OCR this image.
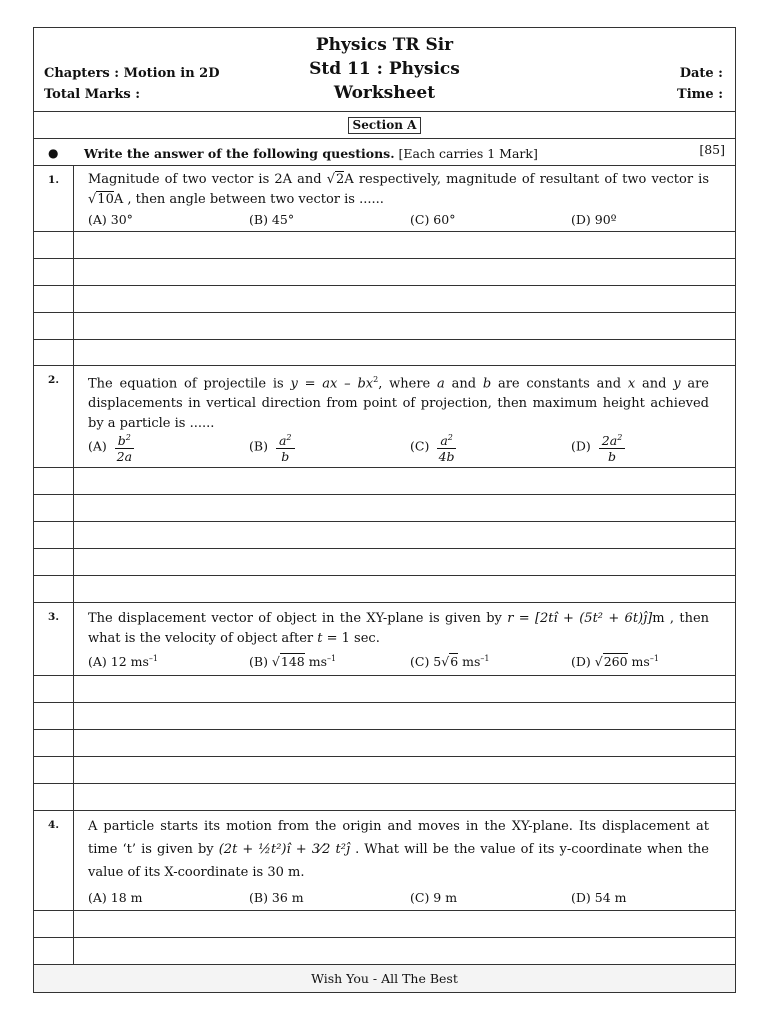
Physics TR Sir
Std 11 : Physics
Worksheet
Chapters : Motion in 2D
Total Marks :
Date :
Time :
Section A
● Write the answer of the following questions. [Each carries 1 Mark]	[85]
1.	Magnitude of two vector is 2A and √2A respectively, magnitude of resultant of two vector is √10A , then angle between two vector is ......
(A) 30°	(B) 45°	(C) 60°	(D) 90º
2.	The equation of projectile is y = ax – $bx^2$, where a and b are constants and x and y are displacements in vertical direction from point of projection, then maximum height achieved by a particle is ......
$(A) \frac{b^2}{2a}$	$(B) \frac{a^2}{b}$	$(C) \frac{a^2}{4b}$	$(D) \frac{2a^2}{b}$
3.	The displacement vector of object in the XY-plane is given by r = [2tî + (5t² + 6t)ĵ]m , then what is the velocity of object after t = 1 sec.
(A) 12 $ms^{-1}$	(B) √148 $ms^{-1}$	(C) 5√6 $ms^{-1}$	(D) √260 $ms^{-1}$
4.	A particle starts its motion from the origin and moves in the XY-plane. Its displacement at time ‘t’ is given by (2t + ½t²)î + 3⁄2 t²ĵ . What will be the value of its y-coordinate when the value of its X-coordinate is 30 m.
(A) 18 m	(B) 36 m	(C) 9 m	(D) 54 m
Wish You - All The Best
